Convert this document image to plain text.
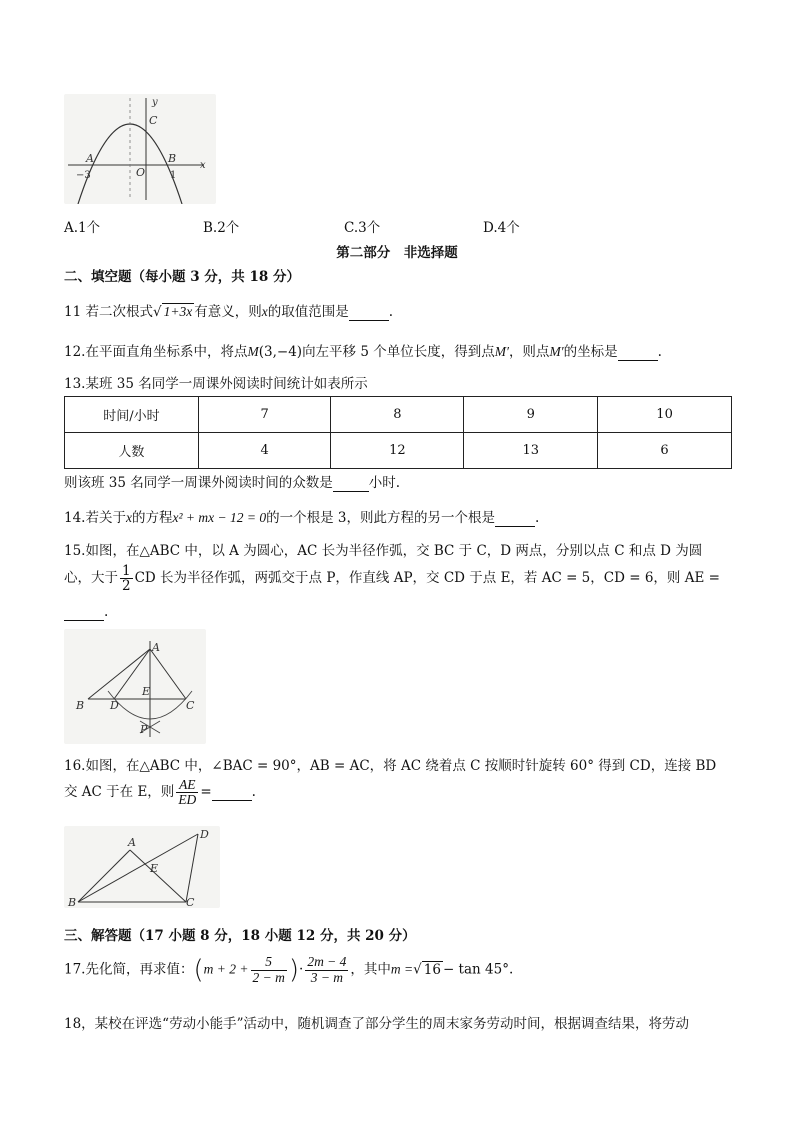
y
x
C
A	B
O
−3	1
A.1个	B.2个	C.3个	D.4个
第二部分　非选择题
二、填空题（每小题 3 分，共 18 分）
11 若二次根式√ 1+3x 有意义，则x的取值范围是	.
12.在平面直角坐标系中，将点M(3,−4)向左平移 5 个单位长度，得到点M′，则点M′的坐标是	.
13.某班 35 名同学一周课外阅读时间统计如表所示
时间/小时	7	8	9	10
人数	4	12	13	6
则该班 35 名同学一周课外阅读时间的众数是	小时.
14.若关于x的方程x² + mx − 12 = 0的一个根是 3，则此方程的另一个根是	.
15.如图，在△ABC 中，以 A 为圆心，AC 长为半径作弧，交 BC 于 C，D 两点，分别以点 C 和点 D 为圆
心，大于 $\frac{1}{2}$ CD 长为半径作弧，两弧交于点 P，作直线 AP，交 CD 于点 E，若 AC = 5，CD = 6，则 AE =
.
A
B	C
D
E
P
16.如图，在△ABC 中，∠BAC = 90°，AB = AC，将 AC 绕着点 C 按顺时针旋转 60° 得到 CD，连接 BD
交 AC 于在 E，则 $\frac{AE}{ED}$ =	.
A
B	C
D
E
三、解答题（17 小题 8 分，18 小题 12 分，共 20 分）
17.先化简，再求值：($m + 2 + \frac{5}{2 - m}$ )· $\frac{2m - 4}{3 - m}$ ，其中m =√ 16 − tan 45°.
18，某校在评选“劳动小能手”活动中，随机调查了部分学生的周末家务劳动时间，根据调查结果，将劳动
